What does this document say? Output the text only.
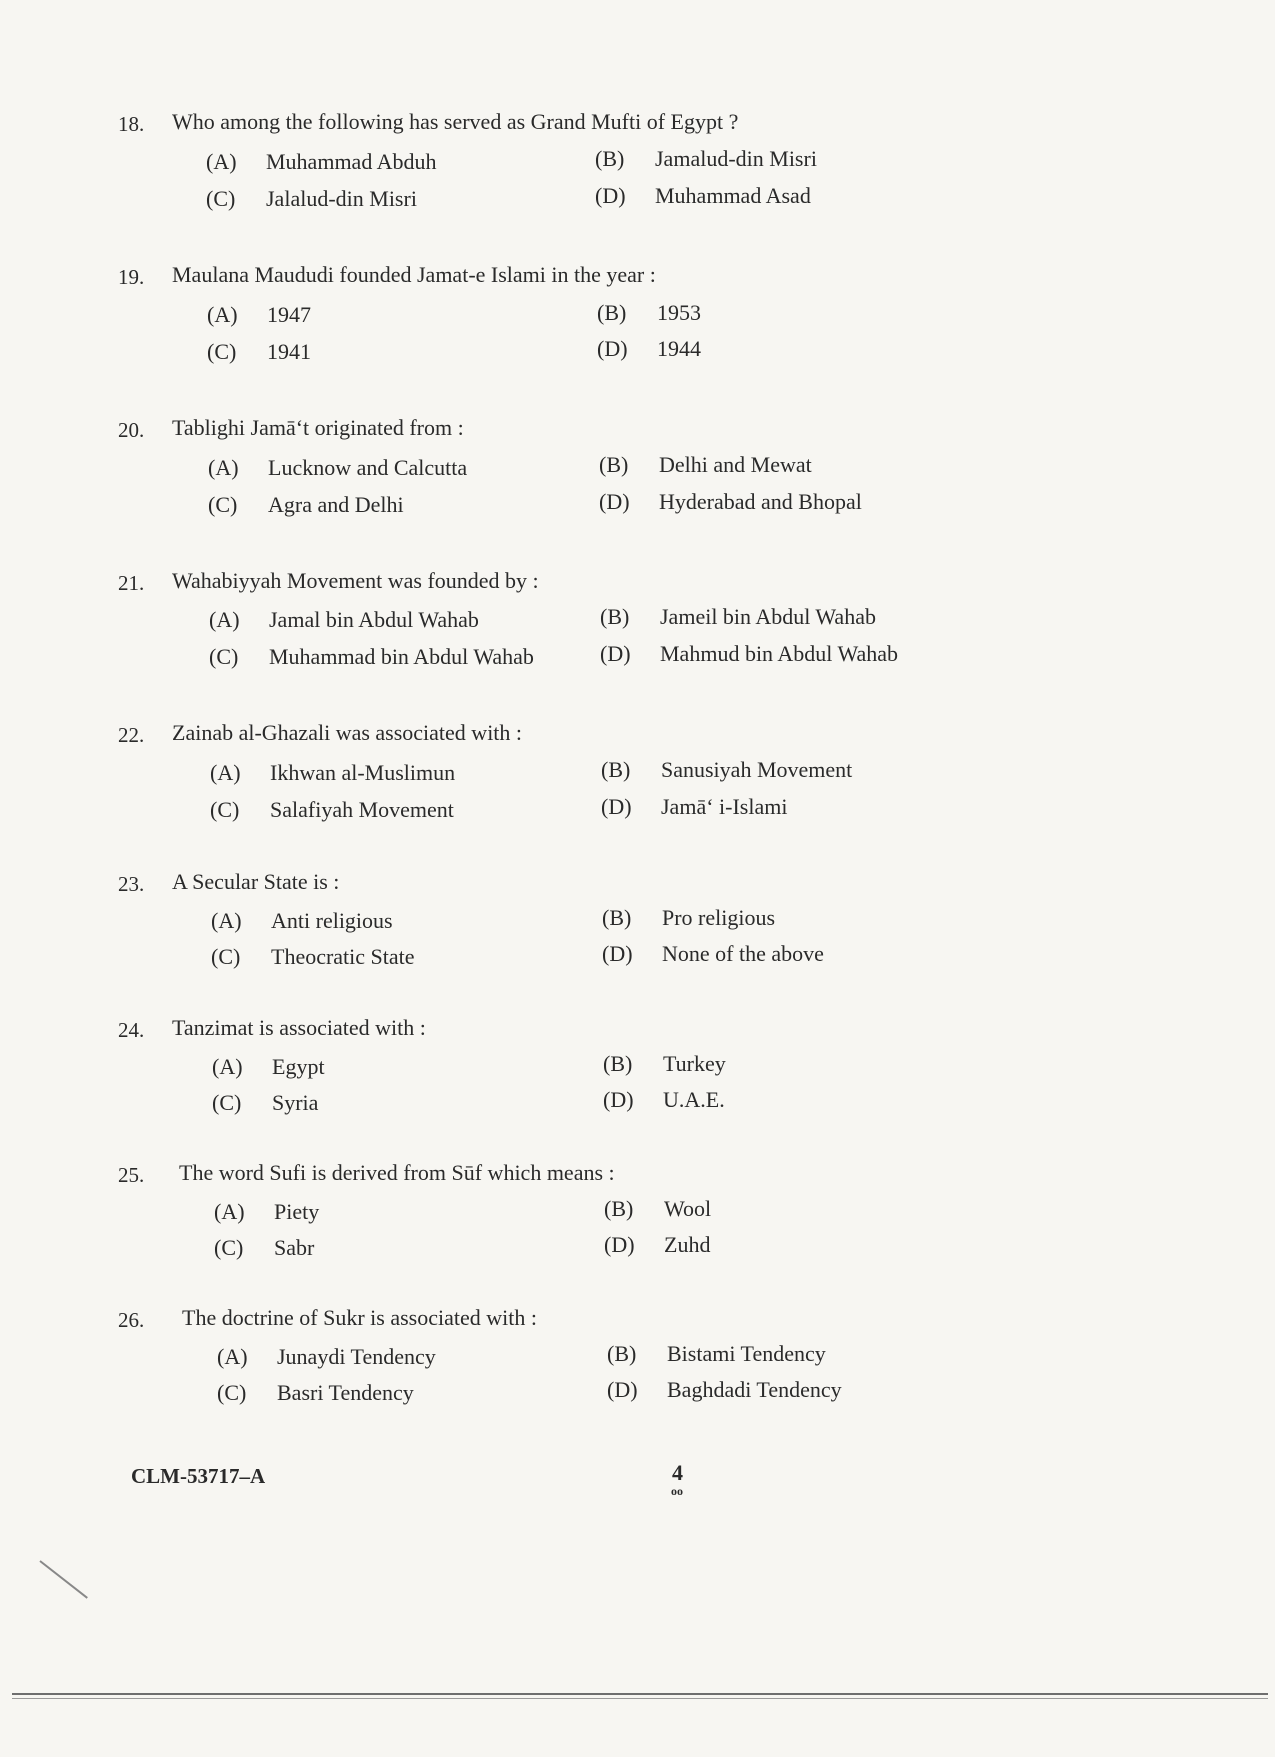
18. Who among the following has served as Grand Mufti of Egypt ?
(A) Muhammad Abduh	(B) Jamalud-din Misri
(C) Jalalud-din Misri	(D) Muhammad Asad
19. Maulana Maududi founded Jamat-e Islami in the year :
(A) 1947	(B) 1953
(C) 1941	(D) 1944
20. Tablighi Jamā‘t originated from :
(A) Lucknow and Calcutta	(B) Delhi and Mewat
(C) Agra and Delhi	(D) Hyderabad and Bhopal
21. Wahabiyyah Movement was founded by :
(A) Jamal bin Abdul Wahab	(B) Jameil bin Abdul Wahab
(C) Muhammad bin Abdul Wahab	(D) Mahmud bin Abdul Wahab
22. Zainab al-Ghazali was associated with :
(A) Ikhwan al-Muslimun	(B) Sanusiyah Movement
(C) Salafiyah Movement	(D) Jamā‘ i-Islami
23. A Secular State is :
(A) Anti religious	(B) Pro religious
(C) Theocratic State	(D) None of the above
24. Tanzimat is associated with :
(A) Egypt	(B) Turkey
(C) Syria	(D) U.A.E.
25. The word Sufi is derived from Sūf which means :
(A) Piety	(B) Wool
(C) Sabr	(D) Zuhd
26. The doctrine of Sukr is associated with :
(A) Junaydi Tendency	(B) Bistami Tendency
(C) Basri Tendency	(D) Baghdadi Tendency
CLM-53717–A	4
oo
